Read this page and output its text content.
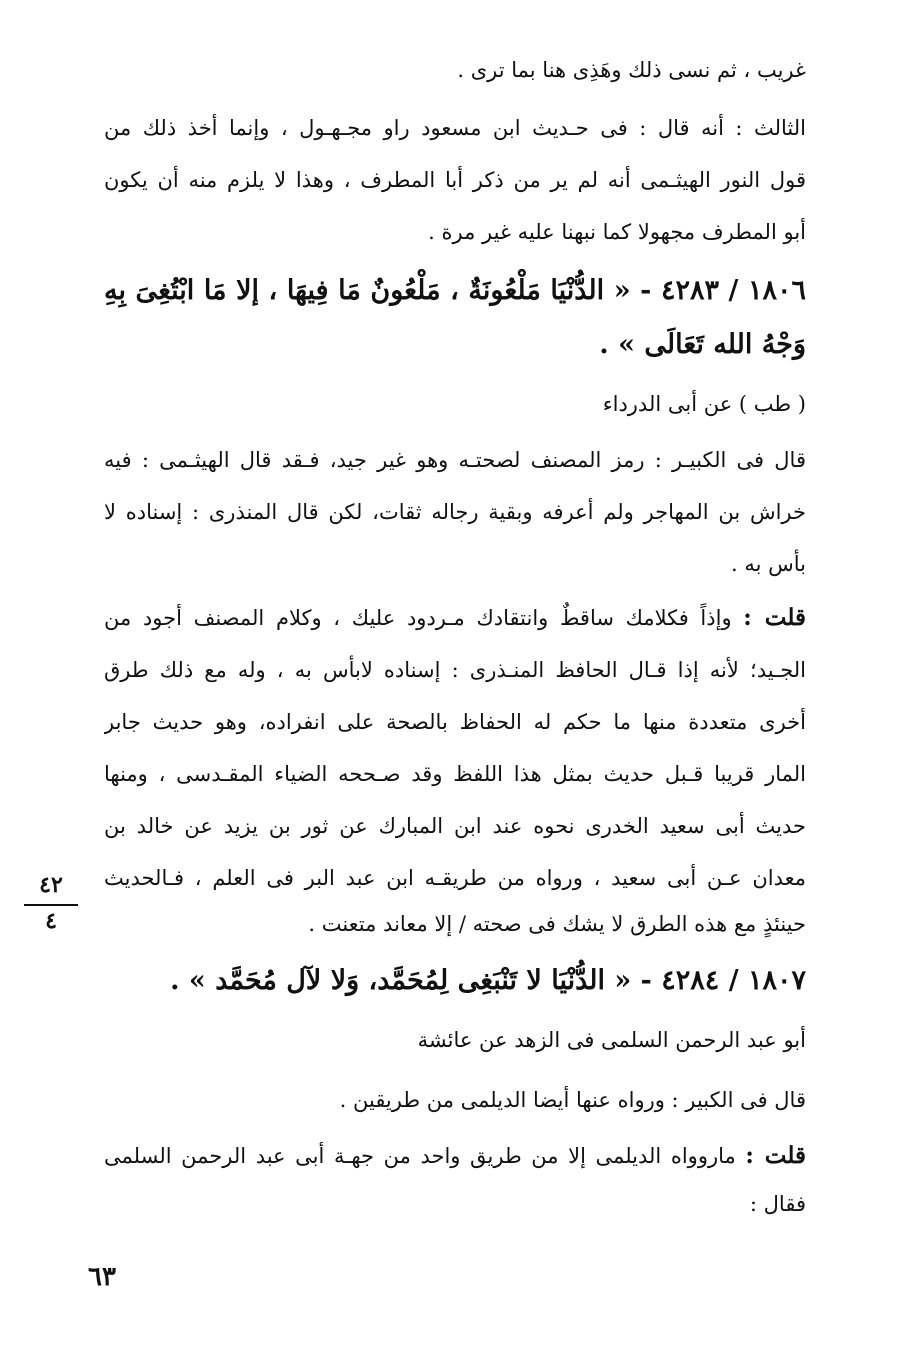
غريب ، ثم نسى ذلك وهَذِى هنا بما ترى .
الثالث : أنه قال : فى حـديث ابن مسعود راو مجـهـول ، وإنما أخذ ذلك من
قول النور الهيثـمى أنه لم ير من ذكر أبا المطرف ، وهذا لا يلزم منه أن يكون
أبو المطرف مجهولا كما نبهنا عليه غير مرة .
١٨٠٦ / ٤٢٨٣ - « الدُّنْيَا مَلْعُونَةٌ ، مَلْعُونٌ مَا فِيهَا ، إلا مَا ابْتُغِىَ بِهِ
وَجْهُ الله تَعَالَى » .
( طب ) عن أبى الدرداء
قال فى الكبيـر : رمز المصنف لصحتـه وهو غير جيد، فـقد قال الهيثـمى : فيه
خراش بن المهاجر ولم أعرفه وبقية رجاله ثقات، لكن قال المنذرى : إسناده لا
بأس به .
قلت : وإذاً فكلامك ساقطٌ وانتقادك مـردود عليك ، وكلام المصنف أجود من
الجـيد؛ لأنه إذا قـال الحافظ المنـذرى : إسناده لابأس به ، وله مع ذلك طرق
أخرى متعددة منها ما حكم له الحفاظ بالصحة على انفراده، وهو حديث جابر
المار قريبا قـبل حديث بمثل هذا اللفظ وقد صـححه الضياء المقـدسى ، ومنها
حديث أبى سعيد الخدرى نحوه عند ابن المبارك عن ثور بن يزيد عن خالد بن
معدان عـن أبى سعيد ، ورواه من طريقـه ابن عبد البر فى العلم ، فـالحديث
حينئذٍ مع هذه الطرق لا يشك فى صحته / إلا معاند متعنت .
١٨٠٧ / ٤٢٨٤ - « الدُّنْيَا لا تَنْبَغِى لِمُحَمَّد، وَلا لآل مُحَمَّد » .
أبو عبد الرحمن السلمى فى الزهد عن عائشة
قال فى الكبير : ورواه عنها أيضا الديلمى من طريقين .
قلت : ماروواه الديلمى إلا من طريق واحد من جهـة أبى عبد الرحمن السلمى
فقال :
٤٢
٤
٦٣
